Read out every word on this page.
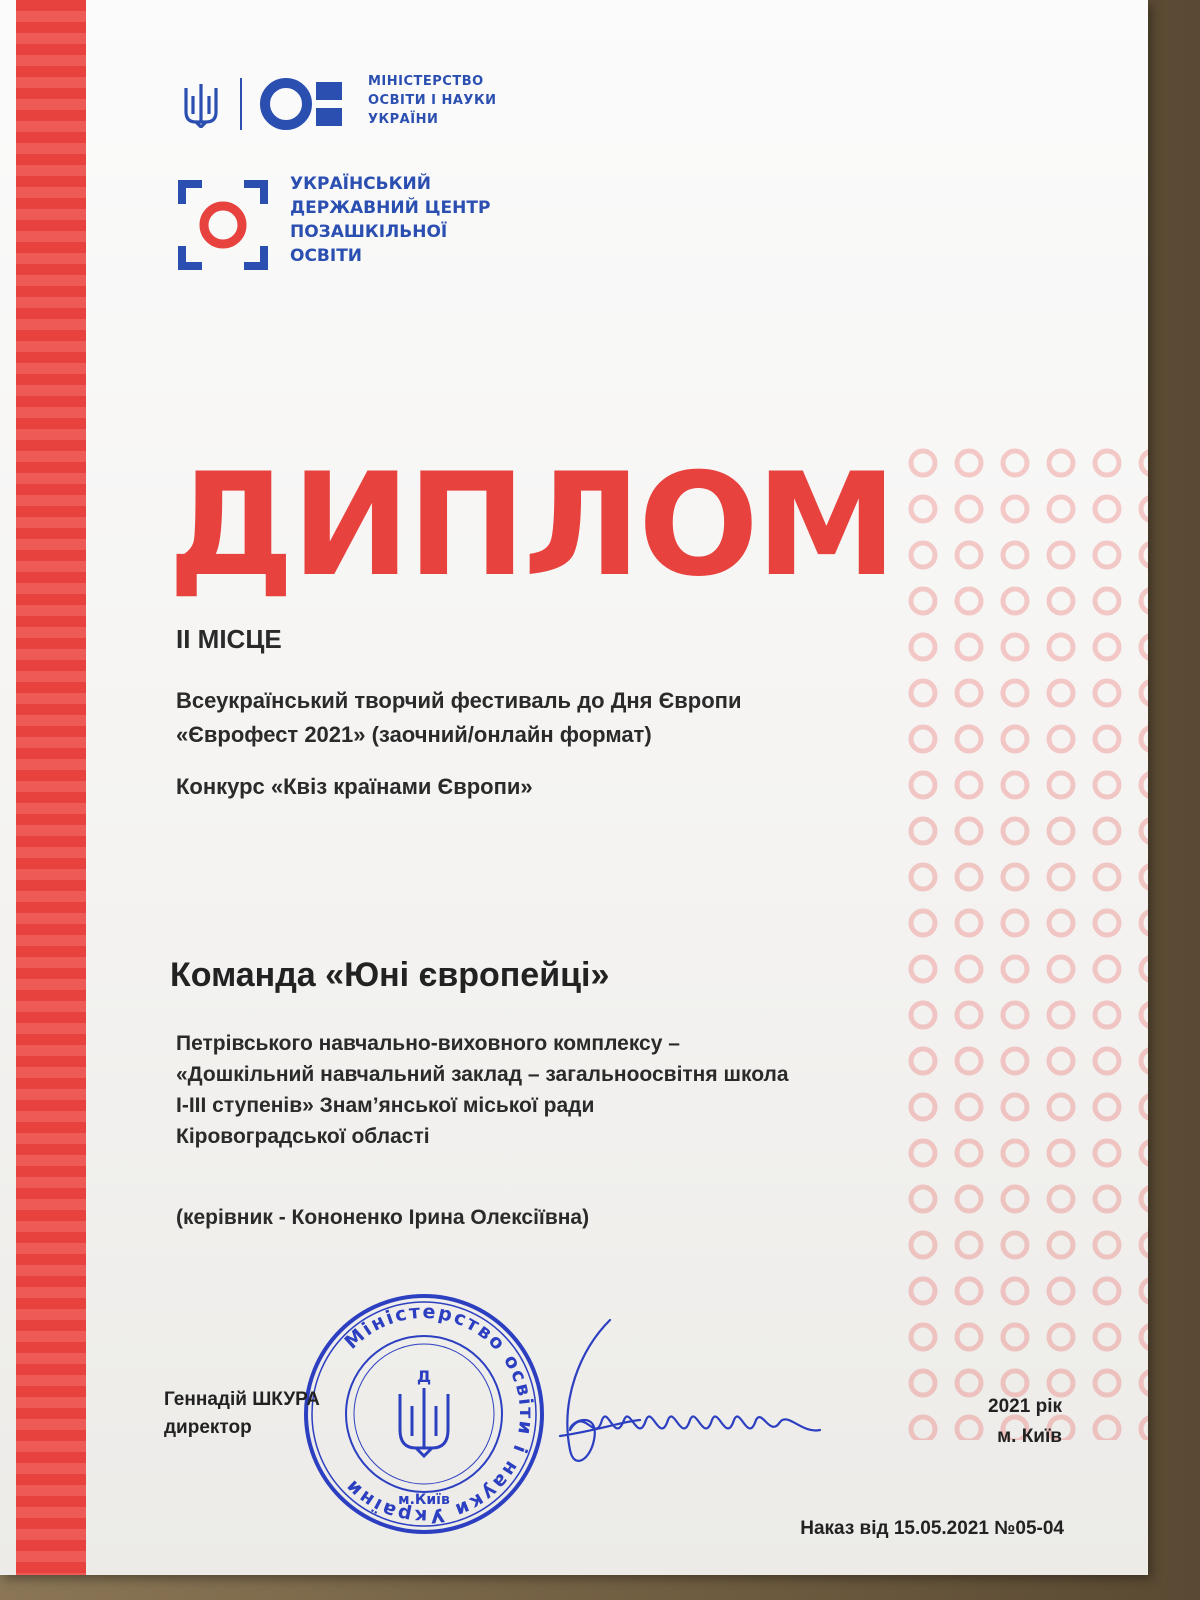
МІНІСТЕРСТВО
ОСВІТИ І НАУКИ
УКРАЇНИ
УКРАЇНСЬКИЙ
ДЕРЖАВНИЙ ЦЕНТР
ПОЗАШКІЛЬНОЇ
ОСВІТИ
ДИПЛОМ
ІІ МІСЦЕ
Всеукраїнський творчий фестиваль до Дня Європи
«Єврофест 2021» (заочний/онлайн формат)
Конкурс «Квіз країнами Європи»
Команда «Юні європейці»
Петрівського навчально-виховного комплексу –
«Дошкільний навчальний заклад – загальноосвітня школа
І-ІІІ ступенів» Знам’янської міської ради
Кіровоградської області
(керівник - Кононенко Ірина Олексіївна)
Міністерство освіти і науки України
Д
м.Київ
Геннадій ШКУРА
директор
2021 рік
м. Київ
Наказ від 15.05.2021 №05-04
